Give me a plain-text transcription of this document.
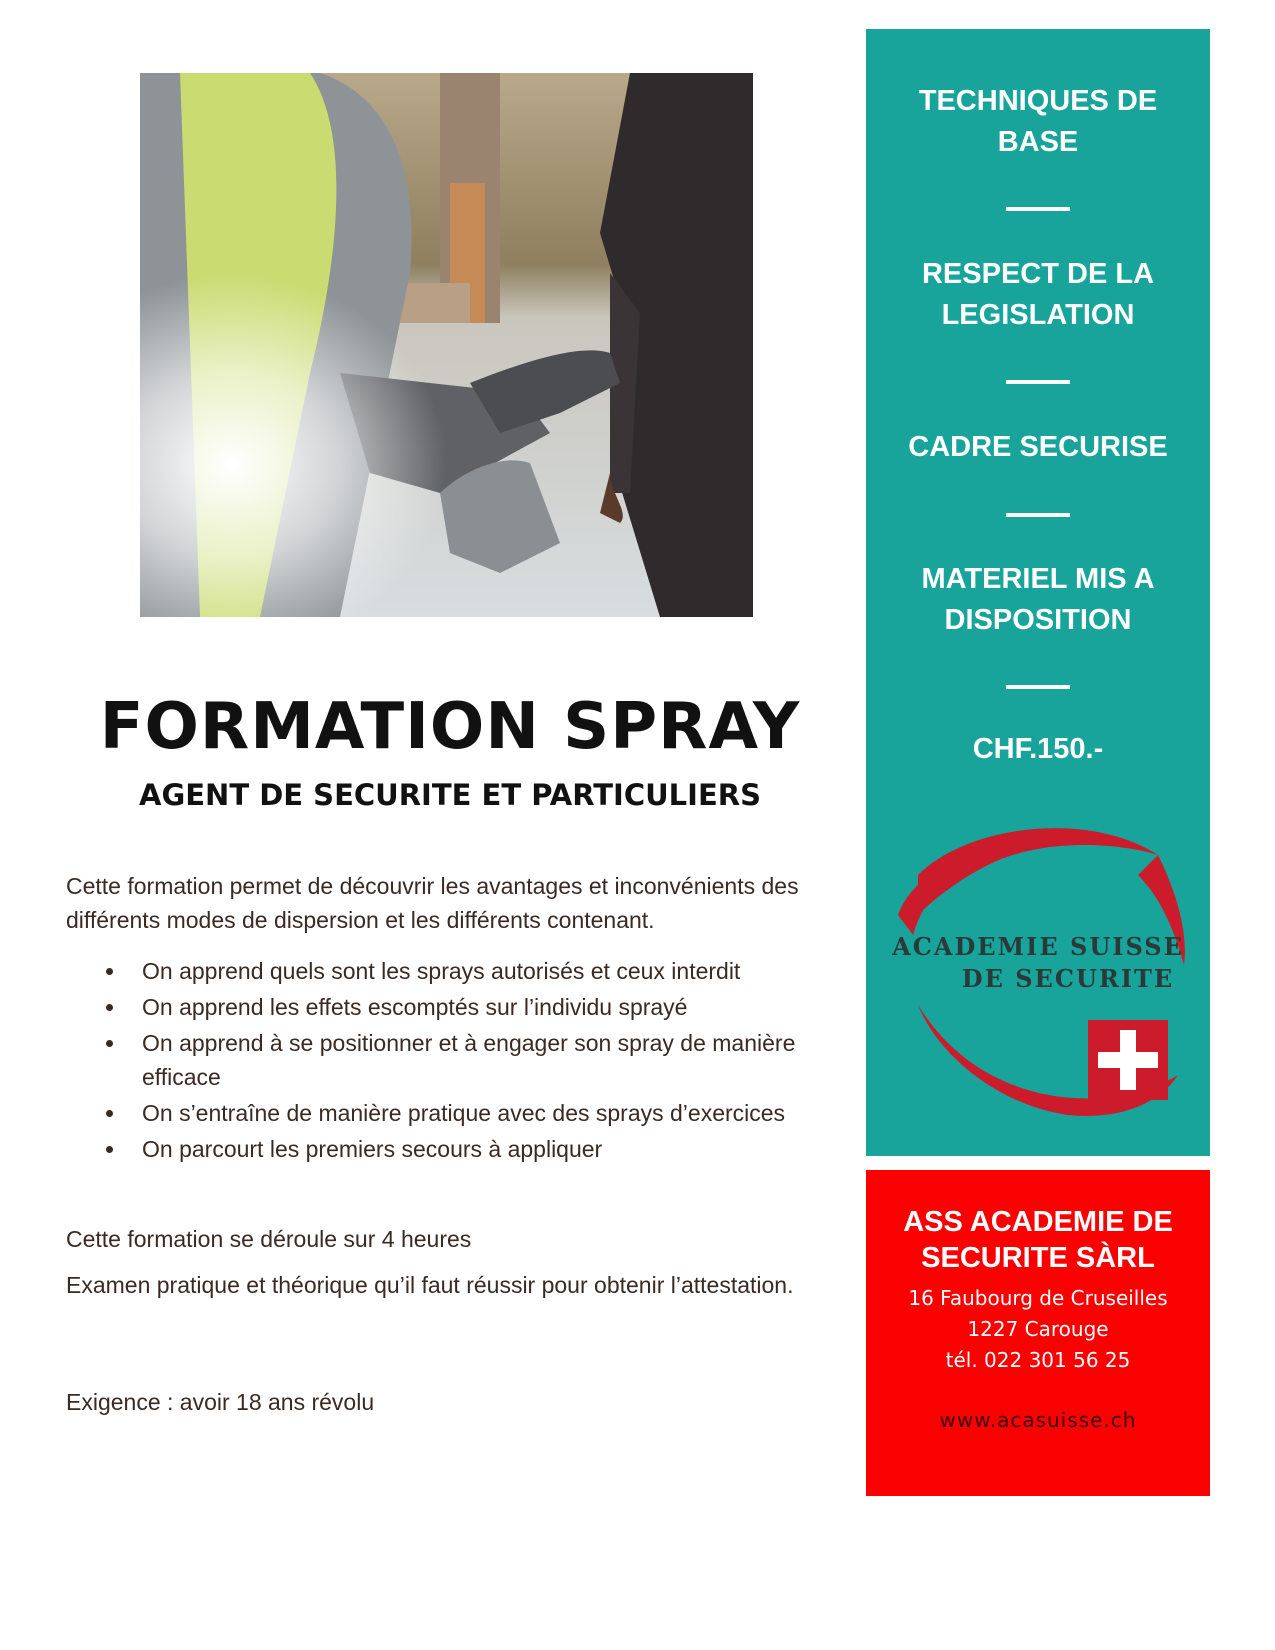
FORMATION SPRAY
AGENT DE SECURITE ET PARTICULIERS

Cette formation permet de découvrir les avantages et inconvénients des différents modes de dispersion et les différents contenant.

On apprend quels sont les sprays autorisés et ceux interdit
On apprend les effets escomptés sur l’individu sprayé
On apprend à se positionner et à engager son spray de manière efficace
On s’entraîne de manière pratique avec des sprays d’exercices
On parcourt les premiers secours à appliquer

Cette formation se déroule sur 4 heures

Examen pratique et théorique qu’il faut réussir pour obtenir l’attestation.

Exigence : avoir 18 ans révolu

TECHNIQUES DE
BASE
RESPECT DE LA
LEGISLATION
CADRE SECURISE
MATERIEL MIS A
DISPOSITION
CHF.150.-
ACADEMIE SUISSE
DE SECURITE
ASS ACADEMIE DE
SECURITE SÀRL
16 Faubourg de Cruseilles
1227 Carouge
tél. 022 301 56 25
www.acasuisse.ch
